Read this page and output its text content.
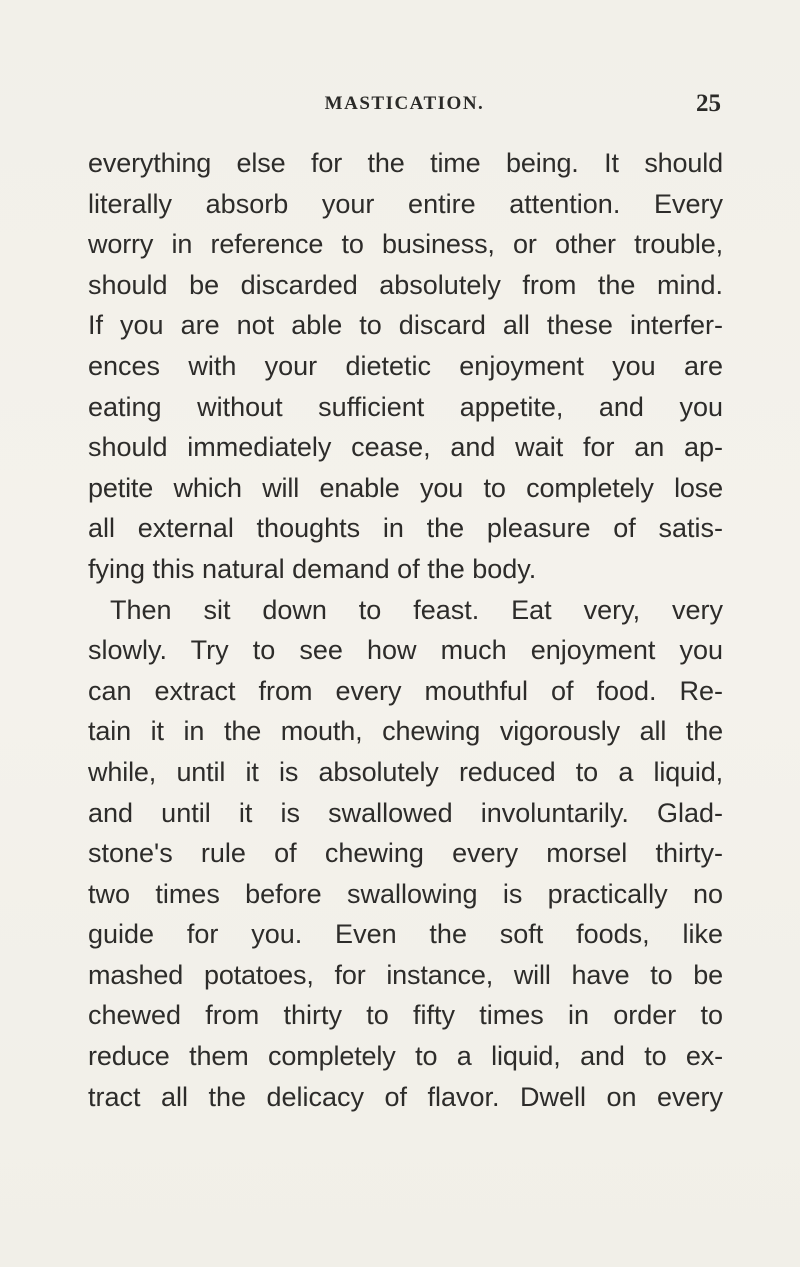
MASTICATION.	25
everything else for the time being. It should
literally absorb your entire attention. Every
worry in reference to business, or other trouble,
should be discarded absolutely from the mind.
If you are not able to discard all these interfer-
ences with your dietetic enjoyment you are
eating without sufficient appetite, and you
should immediately cease, and wait for an ap-
petite which will enable you to completely lose
all external thoughts in the pleasure of satis-
fying this natural demand of the body.
Then sit down to feast. Eat very, very
slowly. Try to see how much enjoyment you
can extract from every mouthful of food. Re-
tain it in the mouth, chewing vigorously all the
while, until it is absolutely reduced to a liquid,
and until it is swallowed involuntarily. Glad-
stone's rule of chewing every morsel thirty-
two times before swallowing is practically no
guide for you. Even the soft foods, like
mashed potatoes, for instance, will have to be
chewed from thirty to fifty times in order to
reduce them completely to a liquid, and to ex-
tract all the delicacy of flavor. Dwell on every
